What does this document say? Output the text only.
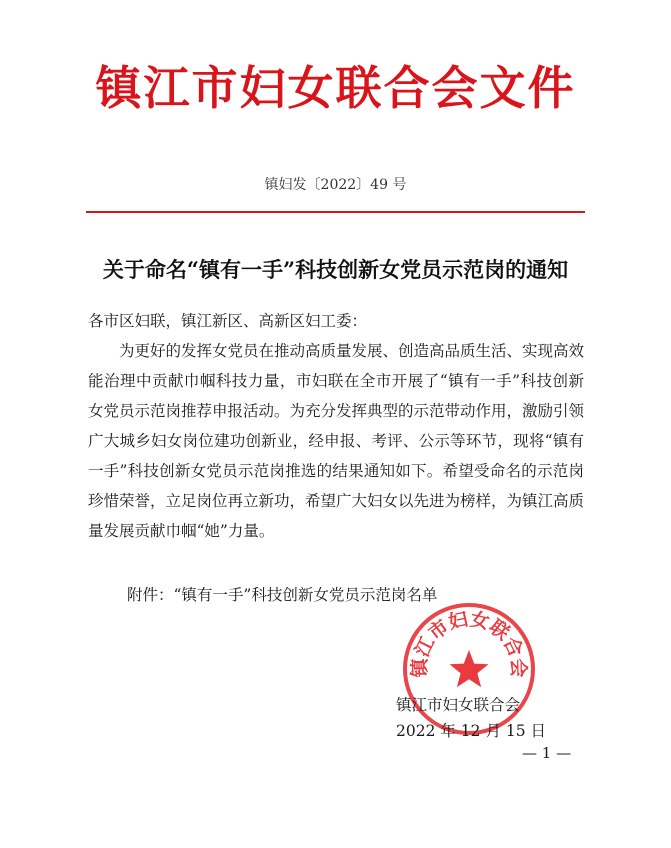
镇江市妇女联合会文件
镇妇发〔2022〕49 号
关于命名“镇有一手”科技创新女党员示范岗的通知
各市区妇联，镇江新区、高新区妇工委：

为更好的发挥女党员在推动高质量发展、创造高品质生活、实现高效能治理中贡献巾帼科技力量，市妇联在全市开展了“镇有一手”科技创新女党员示范岗推荐申报活动。为充分发挥典型的示范带动作用，激励引领广大城乡妇女岗位建功创新业，经申报、考评、公示等环节，现将“镇有一手”科技创新女党员示范岗推选的结果通知如下。希望受命名的示范岗珍惜荣誉，立足岗位再立新功，希望广大妇女以先进为榜样，为镇江高质量发展贡献巾帼“她”力量。

附件：“镇有一手”科技创新女党员示范岗名单
镇江市妇女联合会
镇江市妇女联合会
2022 年 12 月 15 日
— 1 —
